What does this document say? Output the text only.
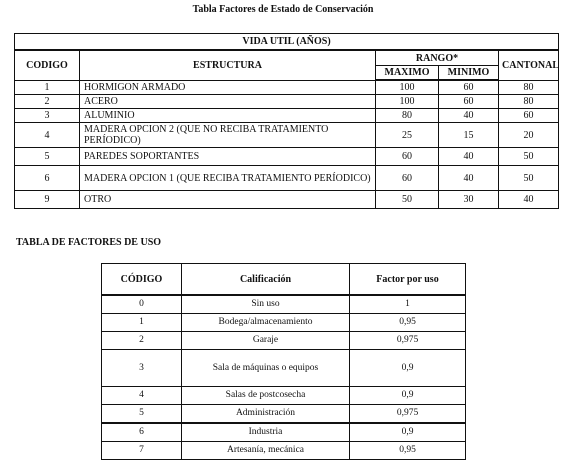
Tabla Factores de Estado de Conservación
VIDA UTIL (AÑOS)				
CODIGO	ESTRUCTURA	RANGO*		CANTONAL
		MAXIMO	MINIMO	
1	HORMIGON ARMADO	100	60	80
2	ACERO	100	60	80
3	ALUMINIO	80	40	60
4	MADERA OPCION 2 (QUE NO RECIBA TRATAMIENTO PERÍODICO)	25	15	20
5	PAREDES SOPORTANTES	60	40	50
6	MADERA OPCION 1 (QUE RECIBA TRATAMIENTO PERÍODICO)	60	40	50
9	OTRO	50	30	40
TABLA DE FACTORES DE USO
CÓDIGO	Calificación	Factor por uso
0	Sin uso	1
1	Bodega/almacenamiento	0,95
2	Garaje	0,975
3	Sala de máquinas o equipos	0,9
4	Salas de postcosecha	0,9
5	Administración	0,975
6	Industria	0,9
7	Artesanía, mecánica	0,95
